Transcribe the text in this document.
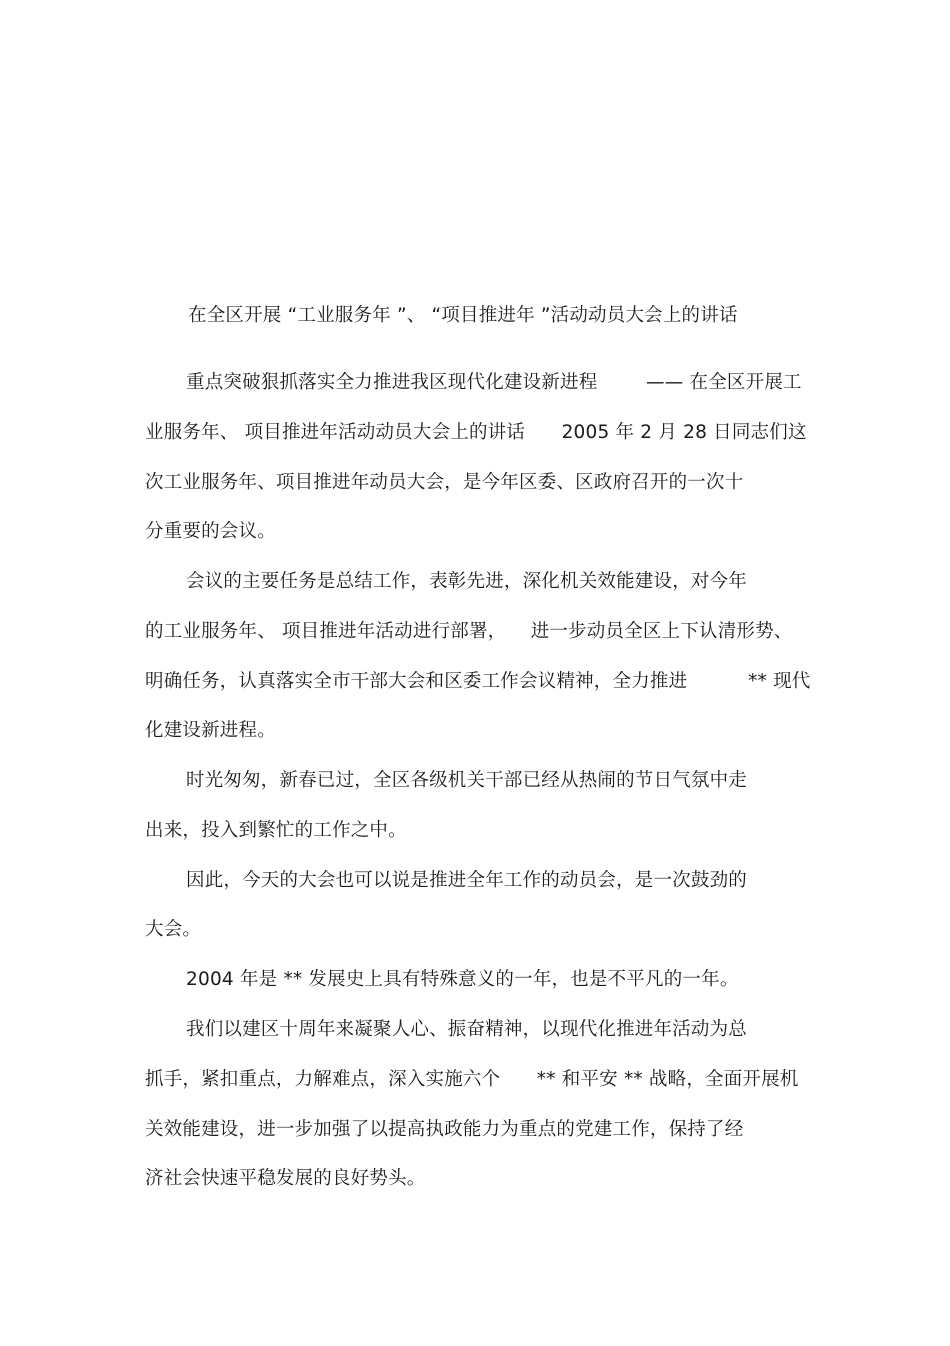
在全区开展 “工业服务年 ”、 “项目推进年 ”活动动员大会上的讲话
重点突破狠抓落实全力推进我区现代化建设新进程        —— 在全区开展工
业服务年、 项目推进年活动动员大会上的讲话      2005 年 2 月 28 日同志们这
次工业服务年、项目推进年动员大会，是今年区委、区政府召开的一次十
分重要的会议。
会议的主要任务是总结工作，表彰先进，深化机关效能建设，对今年
的工业服务年、 项目推进年活动进行部署，    进一步动员全区上下认清形势、
明确任务，认真落实全市干部大会和区委工作会议精神，全力推进          ** 现代
化建设新进程。
时光匆匆，新春已过，全区各级机关干部已经从热闹的节日气氛中走
出来，投入到繁忙的工作之中。
因此，今天的大会也可以说是推进全年工作的动员会，是一次鼓劲的
大会。
2004 年是 ** 发展史上具有特殊意义的一年，也是不平凡的一年。
我们以建区十周年来凝聚人心、振奋精神，以现代化推进年活动为总
抓手，紧扣重点，力解难点，深入实施六个      ** 和平安 ** 战略，全面开展机
关效能建设，进一步加强了以提高执政能力为重点的党建工作，保持了经
济社会快速平稳发展的良好势头。
